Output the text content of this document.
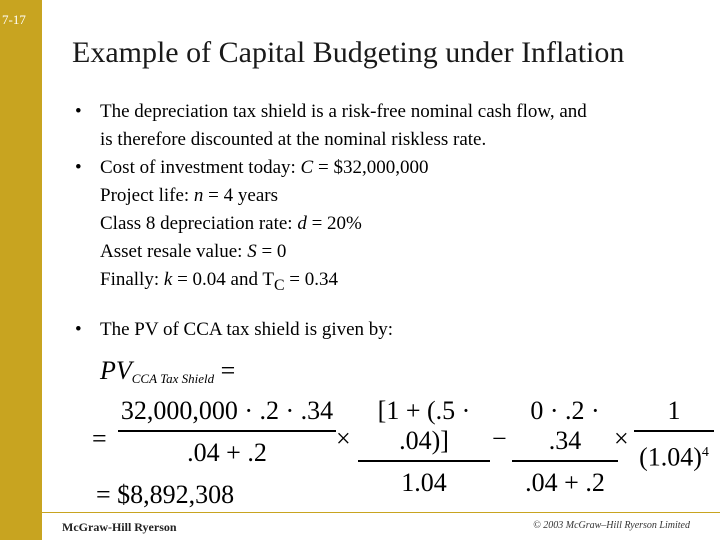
7-17
Example of Capital Budgeting under Inflation
• The depreciation tax shield is a risk-free nominal cash flow, and
is therefore discounted at the nominal riskless rate.
• Cost of investment today: C = $32,000,000
Project life: n = 4 years
Class 8 depreciation rate: d = 20%
Asset resale value: S = 0
Finally: k = 0.04 and $T_C = 0.34$
• The PV of CCA tax shield is given by:
$PV_{CCA Tax Shield}$ =
= $\frac{32,000,000 \cdot .2 \cdot .34}{.04 + .2} \times \frac{[1 + (.5 \cdot .04)]}{1.04} - \frac{0 \cdot .2 \cdot .34}{.04 + .2}$
× $\frac{1}{(1.04)^4}$
= $8,892,308
McGraw-Hill Ryerson	© 2003 McGraw–Hill Ryerson Limited
